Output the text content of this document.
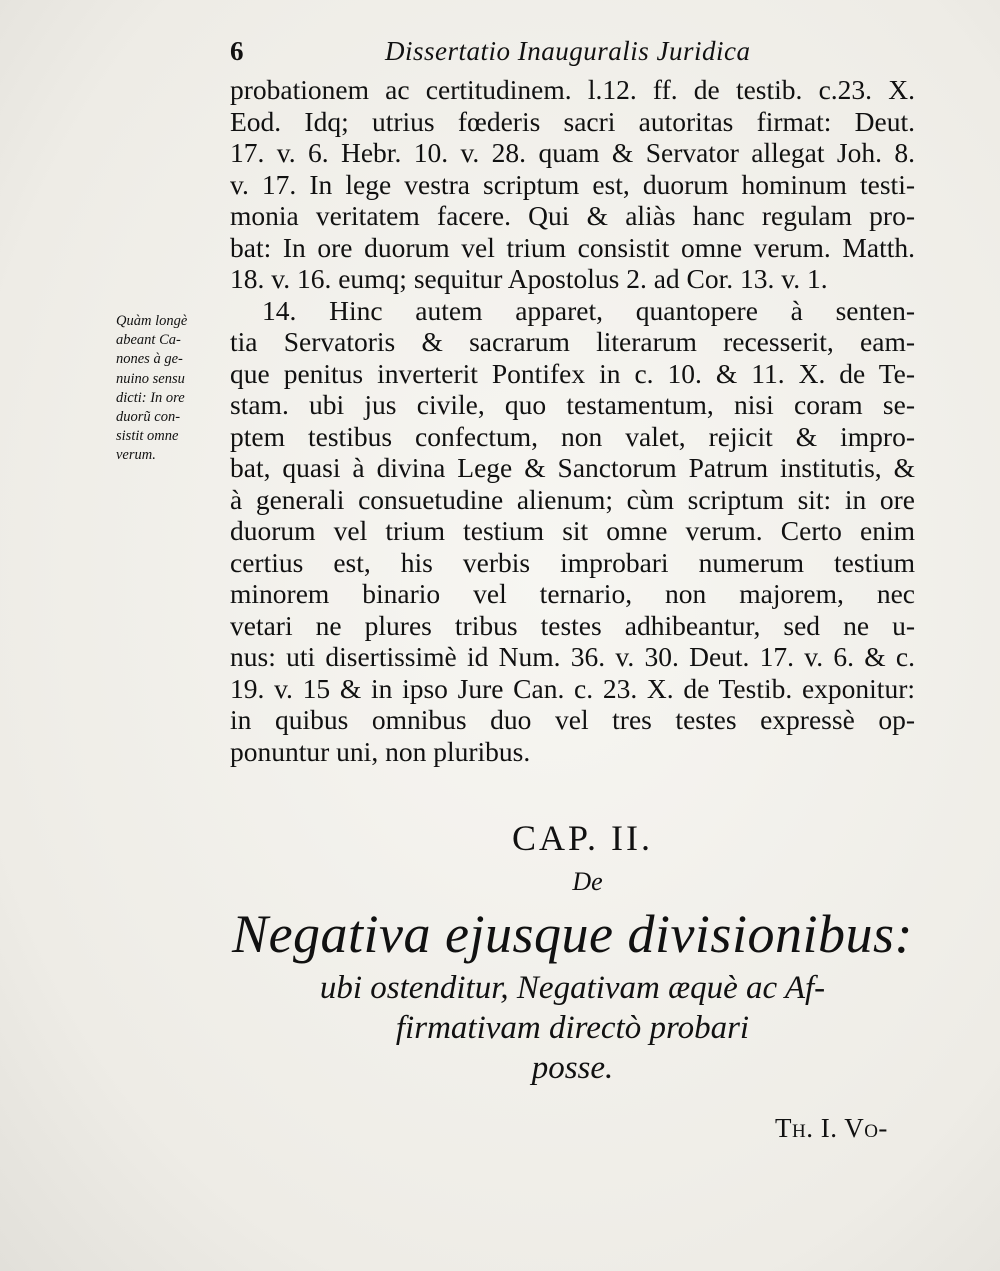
6	Dissertatio Inauguralis Juridica
Quàm longè
abeant Ca-
nones à ge-
nuino sensu
dicti: In ore
duorũ con-
sistit omne
verum.
probationem ac certitudinem. l.12. ff. de testib. c.23. X.
Eod. Idq; utrius fœderis sacri autoritas firmat: Deut.
17. v. 6. Hebr. 10. v. 28. quam & Servator allegat Joh. 8.
v. 17. In lege vestra scriptum est, duorum hominum testi-
monia veritatem facere. Qui & aliàs hanc regulam pro-
bat: In ore duorum vel trium consistit omne verum. Matth.
18. v. 16. eumq; sequitur Apostolus 2. ad Cor. 13. v. 1.
14. Hinc autem apparet, quantopere à senten-
tia Servatoris & sacrarum literarum recesserit, eam-
que penitus inverterit Pontifex in c. 10. & 11. X. de Te-
stam. ubi jus civile, quo testamentum, nisi coram se-
ptem testibus confectum, non valet, rejicit & impro-
bat, quasi à divina Lege & Sanctorum Patrum institutis, &
à generali consuetudine alienum; cùm scriptum sit: in ore
duorum vel trium testium sit omne verum. Certo enim
certius est, his verbis improbari numerum testium
minorem binario vel ternario, non majorem, nec
vetari ne plures tribus testes adhibeantur, sed ne u-
nus: uti disertissimè id Num. 36. v. 30. Deut. 17. v. 6. & c.
19. v. 15 & in ipso Jure Can. c. 23. X. de Testib. exponitur:
in quibus omnibus duo vel tres testes expressè op-
ponuntur uni, non pluribus.
CAP. II.
De
Negativa ejusque divisionibus:
ubi ostenditur, Negativam æquè ac Af-
firmativam directò probari
posse.
Th. I. Vo-
